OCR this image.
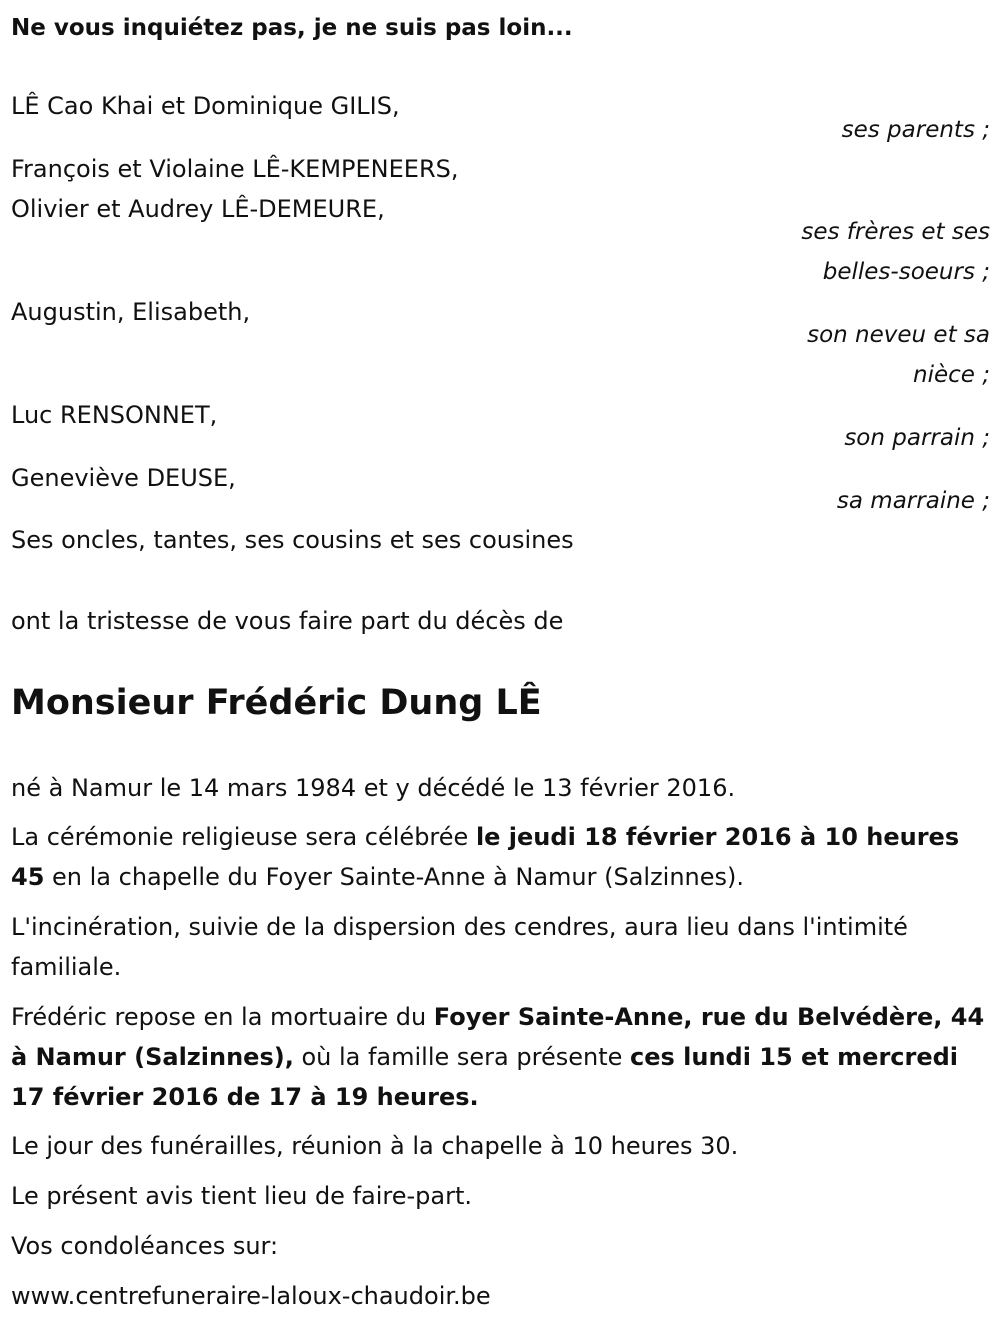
Ne vous inquiétez pas, je ne suis pas loin...
LÊ Cao Khai et Dominique GILIS,
ses parents ;
François et Violaine LÊ-KEMPENEERS,
Olivier et Audrey LÊ-DEMEURE,
ses frères et ses
belles-soeurs ;
Augustin, Elisabeth,
son neveu et sa
nièce ;
Luc RENSONNET,
son parrain ;
Geneviève DEUSE,
sa marraine ;
Ses oncles, tantes, ses cousins et ses cousines
ont la tristesse de vous faire part du décès de
Monsieur Frédéric Dung LÊ

né à Namur le 14 mars 1984 et y décédé le 13 février 2016.

La cérémonie religieuse sera célébrée le jeudi 18 février 2016 à 10 heures 45 en la chapelle du Foyer Sainte-Anne à Namur (Salzinnes).

L'incinération, suivie de la dispersion des cendres, aura lieu dans l'intimité familiale.

Frédéric repose en la mortuaire du Foyer Sainte-Anne, rue du Belvédère, 44 à Namur (Salzinnes), où la famille sera présente ces lundi 15 et mercredi 17 février 2016 de 17 à 19 heures.

Le jour des funérailles, réunion à la chapelle à 10 heures 30.

Le présent avis tient lieu de faire-part.

Vos condoléances sur:

www.centrefuneraire-laloux-chaudoir.be
